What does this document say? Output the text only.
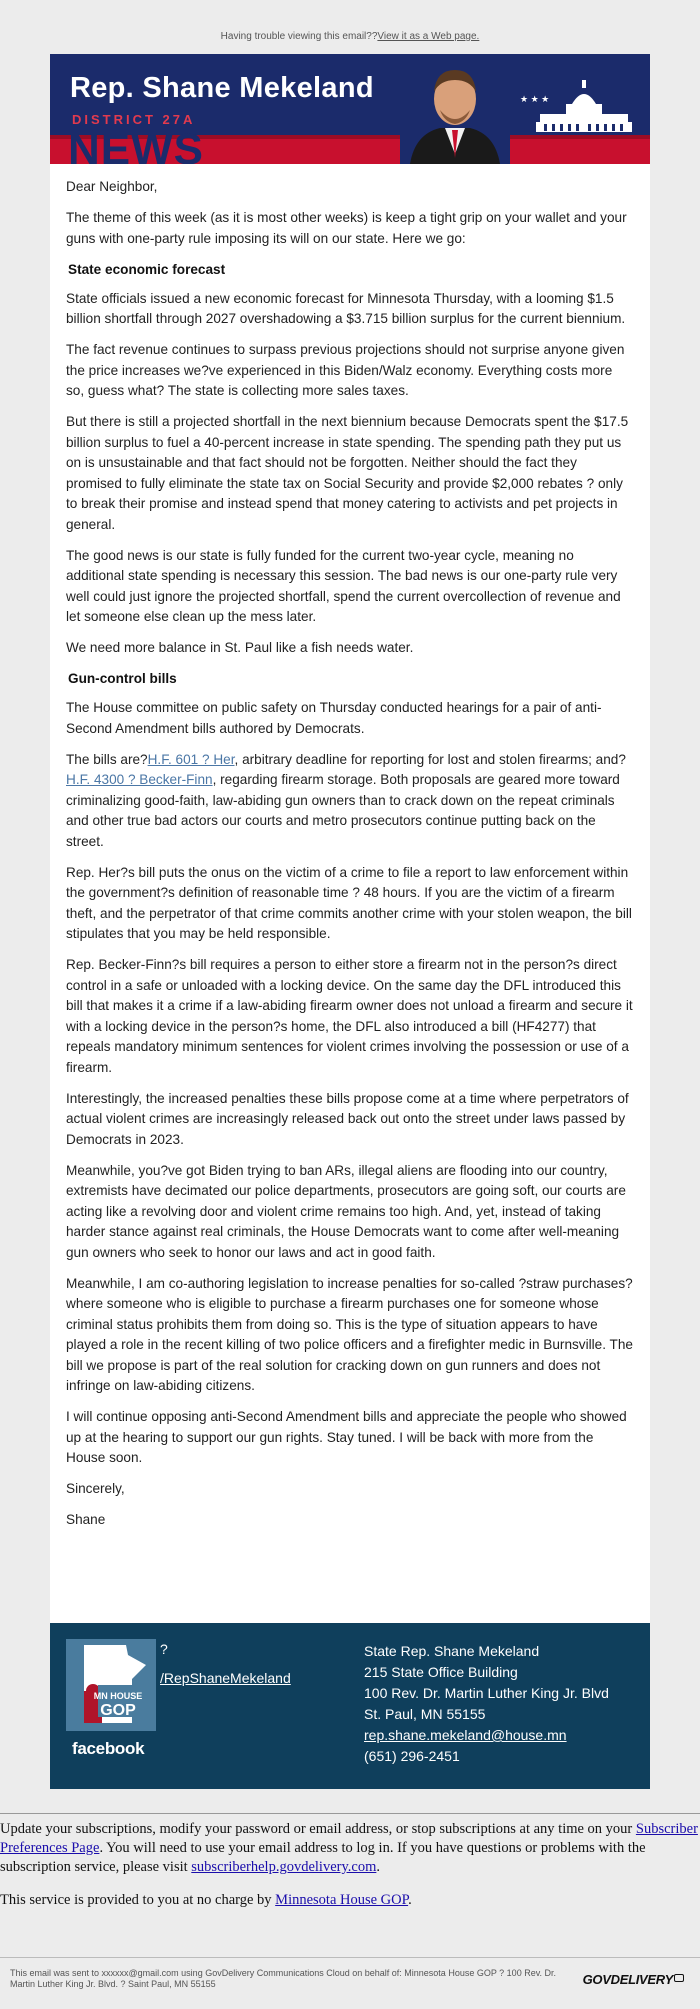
Having trouble viewing this email??View it as a Web page.
Rep. Shane Mekeland
DISTRICT 27A
NEWS
★ ★ ★

Dear Neighbor,

The theme of this week (as it is most other weeks) is keep a tight grip on your wallet and your guns with one-party rule imposing its will on our state. Here we go:

State economic forecast

State officials issued a new economic forecast for Minnesota Thursday, with a looming $1.5 billion shortfall through 2027 overshadowing a $3.715 billion surplus for the current biennium.

The fact revenue continues to surpass previous projections should not surprise anyone given the price increases we?ve experienced in this Biden/Walz economy. Everything costs more so, guess what? The state is collecting more sales taxes.

But there is still a projected shortfall in the next biennium because Democrats spent the $17.5 billion surplus to fuel a 40-percent increase in state spending. The spending path they put us on is unsustainable and that fact should not be forgotten. Neither should the fact they promised to fully eliminate the state tax on Social Security and provide $2,000 rebates ? only to break their promise and instead spend that money catering to activists and pet projects in general.

The good news is our state is fully funded for the current two-year cycle, meaning no additional state spending is necessary this session. The bad news is our one-party rule very well could just ignore the projected shortfall, spend the current overcollection of revenue and let someone else clean up the mess later.

We need more balance in St. Paul like a fish needs water.

Gun-control bills

The House committee on public safety on Thursday conducted hearings for a pair of anti-Second Amendment bills authored by Democrats.

The bills are?H.F. 601 ? Her, arbitrary deadline for reporting for lost and stolen firearms; and?H.F. 4300 ? Becker-Finn, regarding firearm storage. Both proposals are geared more toward criminalizing good-faith, law-abiding gun owners than to crack down on the repeat criminals and other true bad actors our courts and metro prosecutors continue putting back on the street.

Rep. Her?s bill puts the onus on the victim of a crime to file a report to law enforcement within the government?s definition of reasonable time ? 48 hours. If you are the victim of a firearm theft, and the perpetrator of that crime commits another crime with your stolen weapon, the bill stipulates that you may be held responsible.

Rep. Becker-Finn?s bill requires a person to either store a firearm not in the person?s direct control in a safe or unloaded with a locking device. On the same day the DFL introduced this bill that makes it a crime if a law-abiding firearm owner does not unload a firearm and secure it with a locking device in the person?s home, the DFL also introduced a bill (HF4277) that repeals mandatory minimum sentences for violent crimes involving the possession or use of a firearm.

Interestingly, the increased penalties these bills propose come at a time where perpetrators of actual violent crimes are increasingly released back out onto the street under laws passed by Democrats in 2023.

Meanwhile, you?ve got Biden trying to ban ARs, illegal aliens are flooding into our country, extremists have decimated our police departments, prosecutors are going soft, our courts are acting like a revolving door and violent crime remains too high. And, yet, instead of taking harder stance against real criminals, the House Democrats want to come after well-meaning gun owners who seek to honor our laws and act in good faith.

Meanwhile, I am co-authoring legislation to increase penalties for so-called ?straw purchases? where someone who is eligible to purchase a firearm purchases one for someone whose criminal status prohibits them from doing so. This is the type of situation appears to have played a role in the recent killing of two police officers and a firefighter medic in Burnsville. The bill we propose is part of the real solution for cracking down on gun runners and does not infringe on law-abiding citizens.

I will continue opposing anti-Second Amendment bills and appreciate the people who showed up at the hearing to support our gun rights. Stay tuned. I will be back with more from the House soon.

Sincerely,

Shane

MN HOUSE
GOP
facebook
?
/RepShaneMekeland
State Rep. Shane Mekeland
215 State Office Building
100 Rev. Dr. Martin Luther King Jr. Blvd
St. Paul, MN 55155
rep.shane.mekeland@house.mn
(651) 296-2451

Update your subscriptions, modify your password or email address, or stop subscriptions at any time on your Subscriber Preferences Page. You will need to use your email address to log in. If you have questions or problems with the subscription service, please visit subscriberhelp.govdelivery.com.

This service is provided to you at no charge by Minnesota House GOP.

This email was sent to xxxxxx@gmail.com using GovDelivery Communications Cloud on behalf of: Minnesota House GOP ? 100 Rev. Dr. Martin Luther King Jr. Blvd. ? Saint Paul, MN 55155	GOVDELIVERY
